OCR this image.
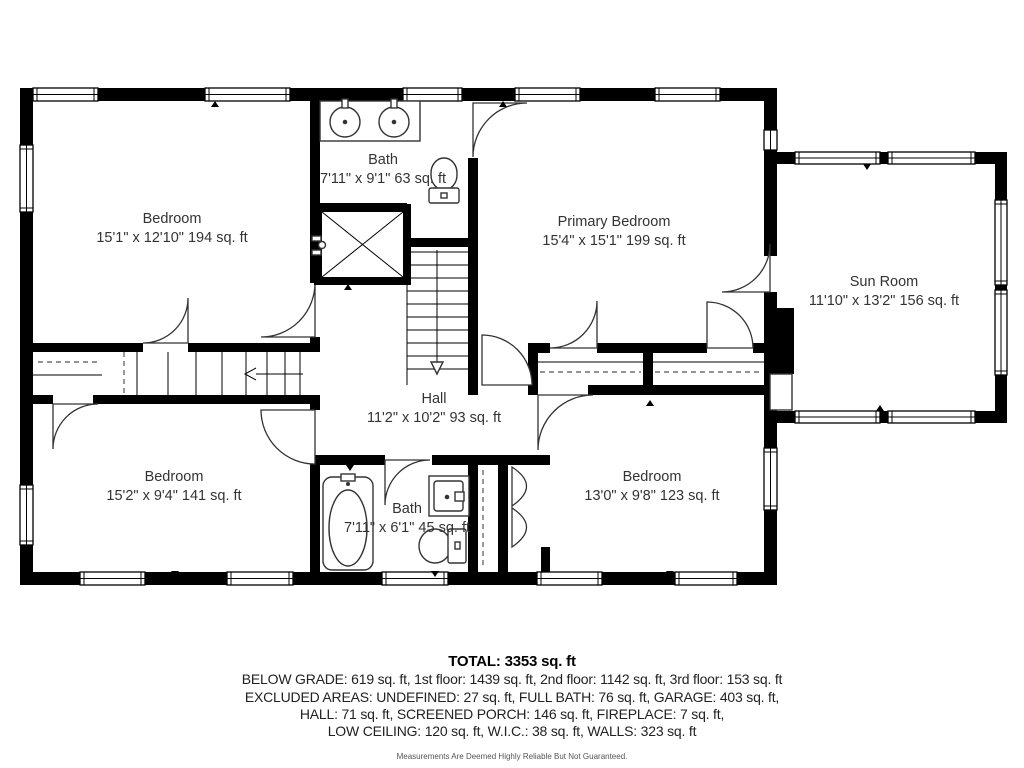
Bedroom
15'1" x 12'10" 194 sq. ft
Bath
7'11" x 9'1" 63 sq. ft
Primary Bedroom
15'4" x 15'1" 199 sq. ft
Sun Room
11'10" x 13'2" 156 sq. ft
Hall
11'2" x 10'2" 93 sq. ft
Bedroom
15'2" x 9'4" 141 sq. ft
Bath
7'11" x 6'1" 45 sq. ft
Bedroom
13'0" x 9'8" 123 sq. ft
TOTAL: 3353 sq. ft
BELOW GRADE: 619 sq. ft, 1st floor: 1439 sq. ft, 2nd floor: 1142 sq. ft, 3rd floor: 153 sq. ft
EXCLUDED AREAS: UNDEFINED: 27 sq. ft, FULL BATH: 76 sq. ft, GARAGE: 403 sq. ft,
HALL: 71 sq. ft, SCREENED PORCH: 146 sq. ft, FIREPLACE: 7 sq. ft,
LOW CEILING: 120 sq. ft, W.I.C.: 38 sq. ft, WALLS: 323 sq. ft
Measurements Are Deemed Highly Reliable But Not Guaranteed.
